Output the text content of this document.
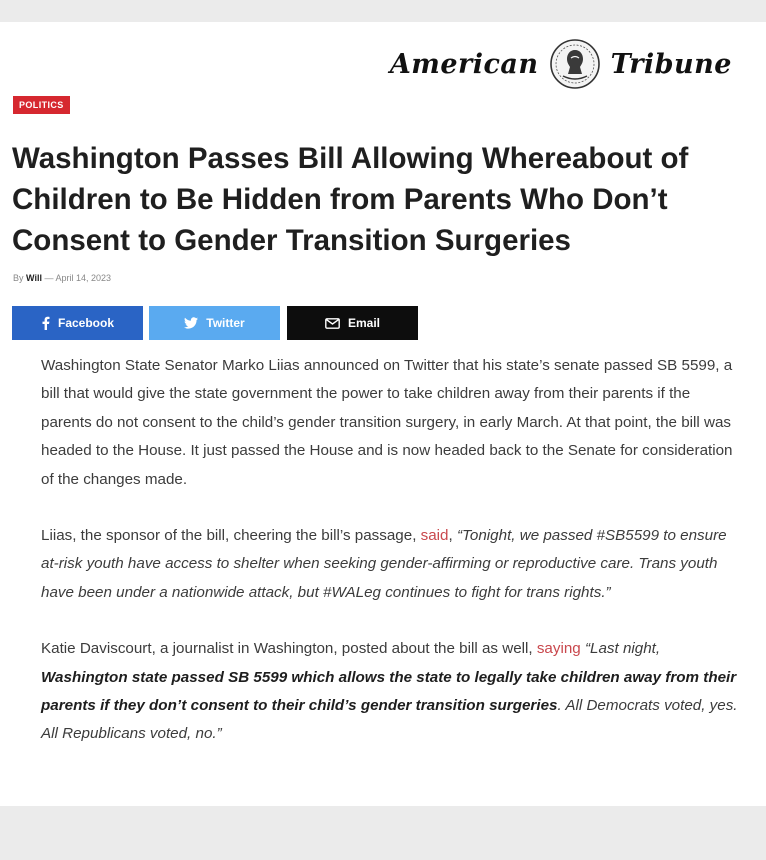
American	Tribune
POLITICS
Washington Passes Bill Allowing Whereabout of Children to Be Hidden from Parents Who Don’t Consent to Gender Transition Surgeries
By Will — April 14, 2023
Facebook	Twitter	Email

Washington State Senator Marko Liias announced on Twitter that his state’s senate passed SB 5599, a bill that would give the state government the power to take children away from their parents if the parents do not consent to the child’s gender transition surgery, in early March. At that point, the bill was headed to the House. It just passed the House and is now headed back to the Senate for consideration of the changes made.

Liias, the sponsor of the bill, cheering the bill’s passage, said, “Tonight, we passed #SB5599 to ensure at-risk youth have access to shelter when seeking gender-affirming or reproductive care. Trans youth have been under a nationwide attack, but #WALeg continues to fight for trans rights.”

Katie Daviscourt, a journalist in Washington, posted about the bill as well, saying “Last night, Washington state passed SB 5599 which allows the state to legally take children away from their parents if they don’t consent to their child’s gender transition surgeries. All Democrats voted, yes. All Republicans voted, no.”
